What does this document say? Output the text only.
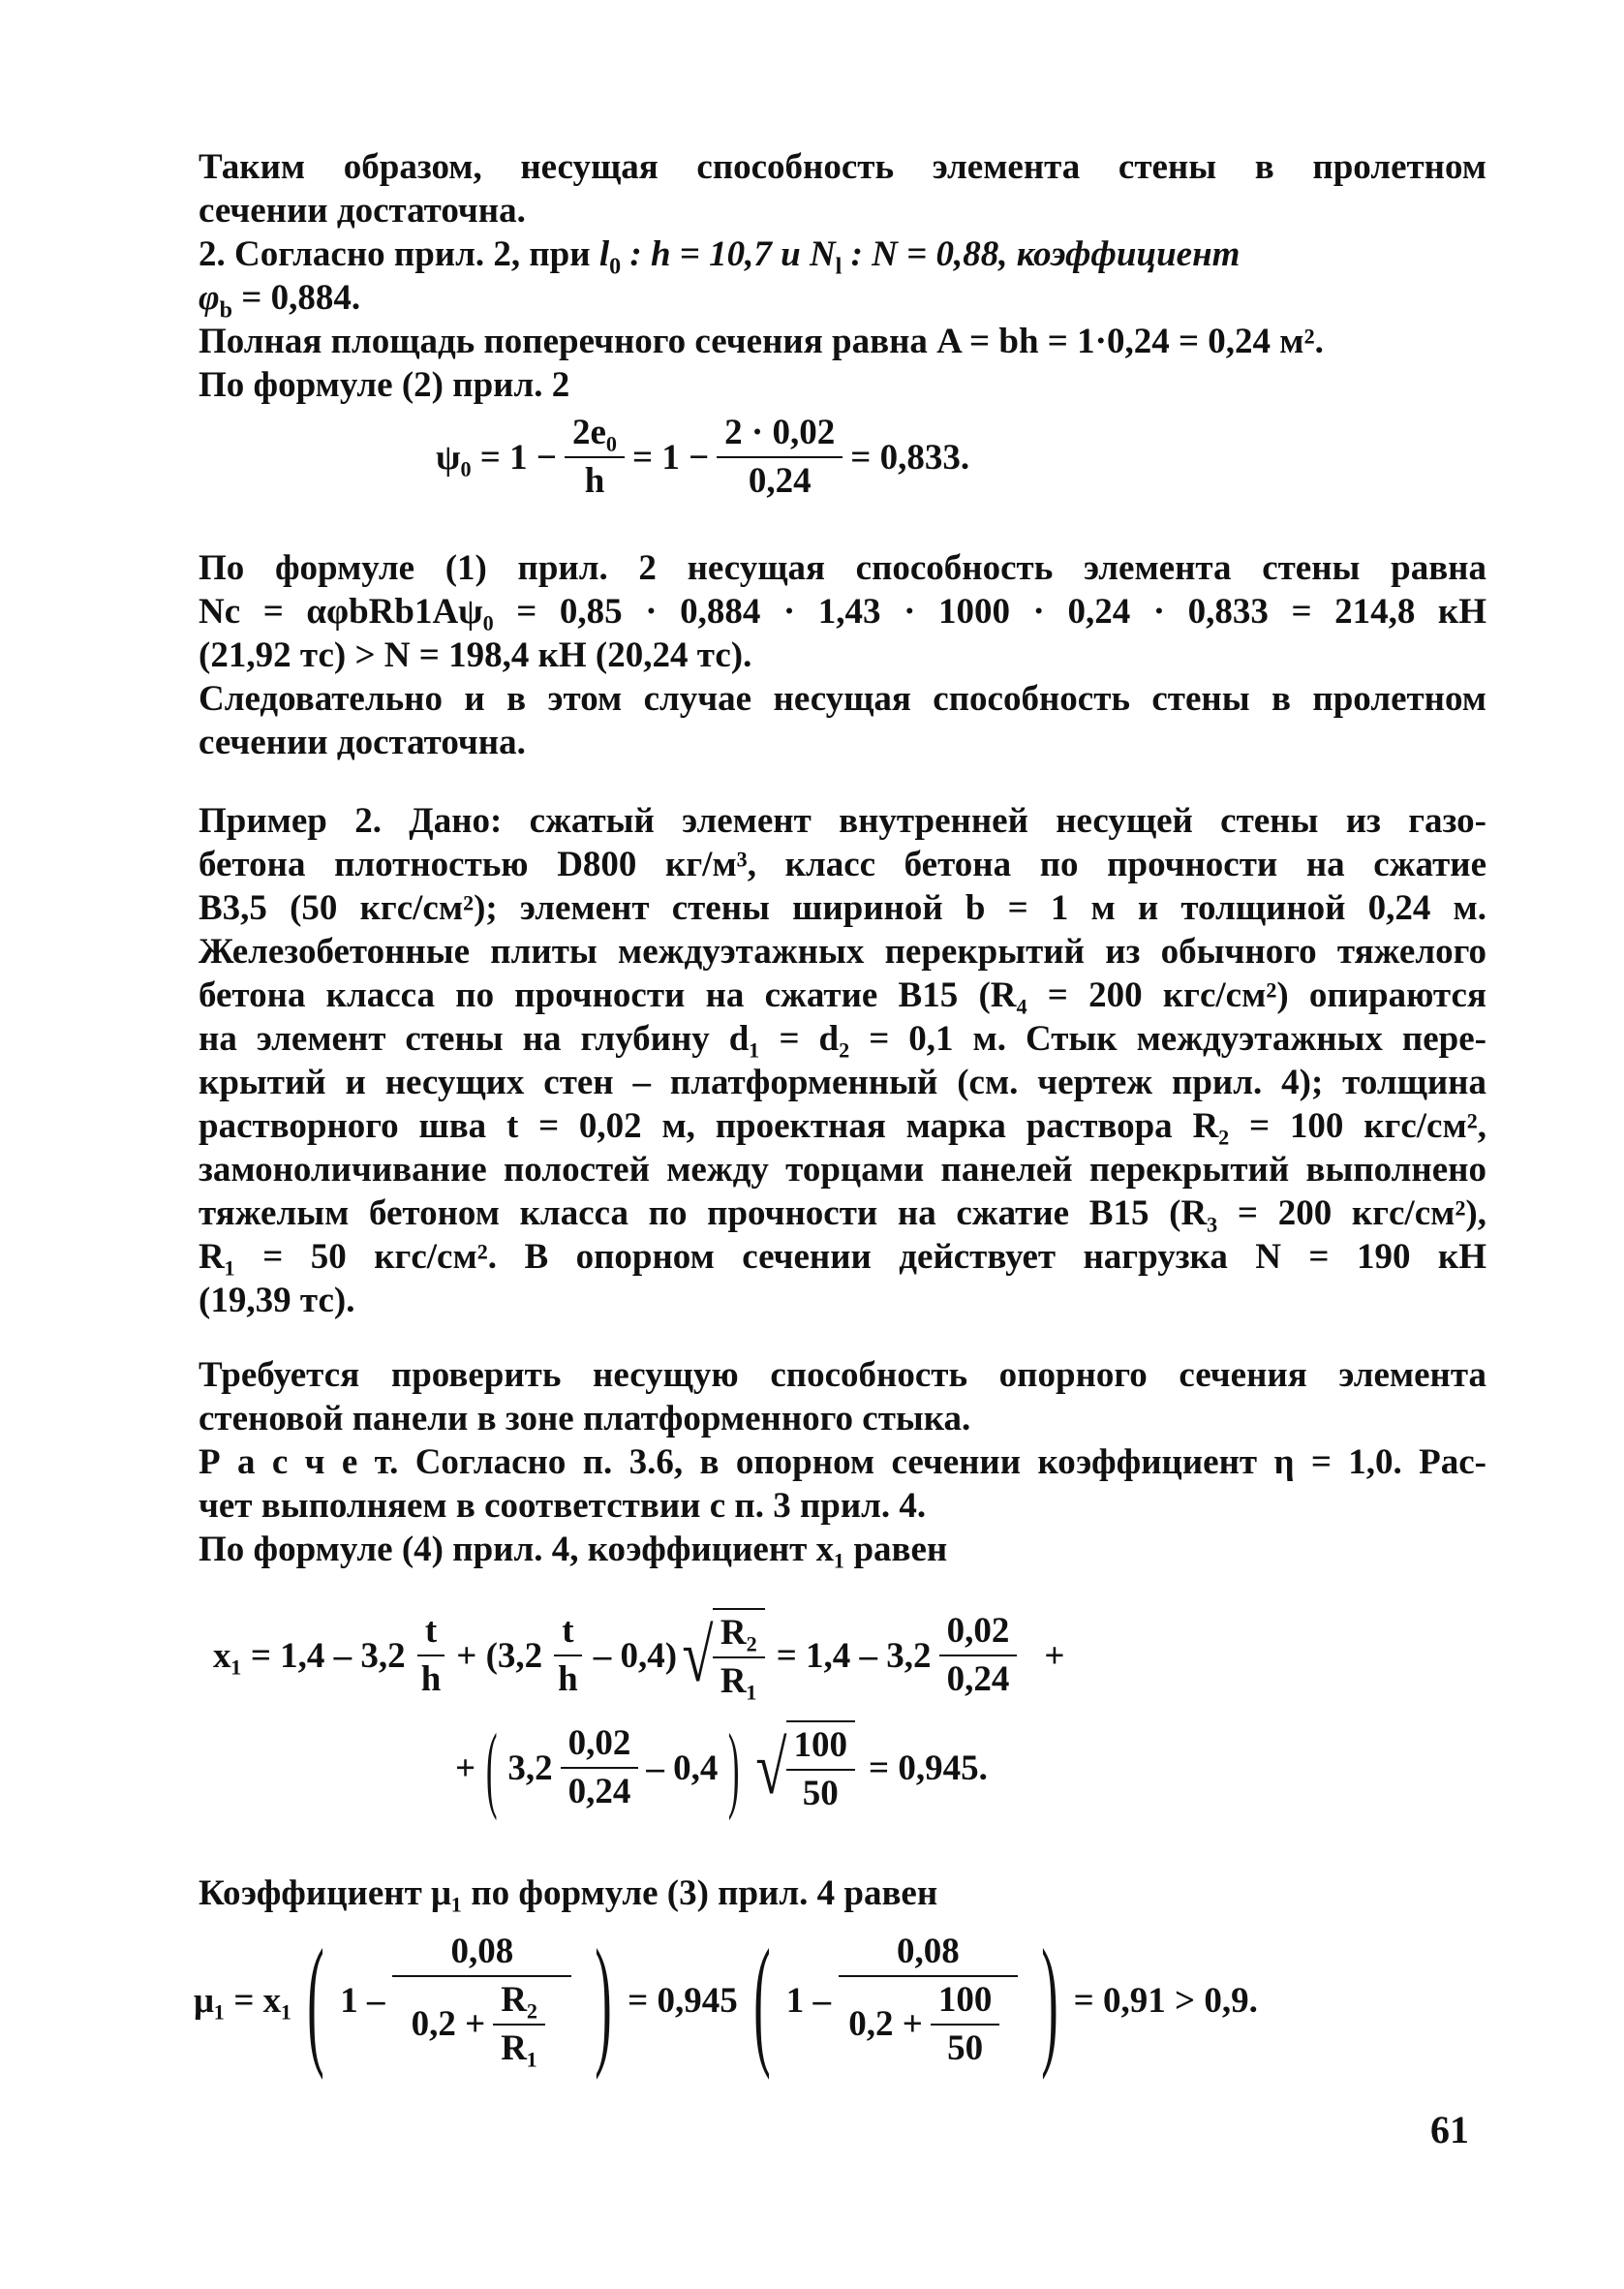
Таким образом, несущая способность элемента стены в пролетном
сечении достаточна.
2. Согласно прил. 2, при $l_0$ : h = 10,7 и $N_l$ : N = 0,88, коэффициент
$\varphi_b = 0,884$.
Полная площадь поперечного сечения равна A = bh = 1·0,24 = 0,24 м².
По формуле (2) прил. 2
$\psi_0 = 1 - \frac{\text{2e₀}}{h} = 1 - \frac{2 \cdot 0,02}{0,24} = 0,833$.
По формуле (1) прил. 2 несущая способность элемента стены равна
Nc = αφbRb1Aψ₀ = 0,85 · 0,884 · 1,43 · 1000 · 0,24 · 0,833 = 214,8 кН
(21,92 тс) > N = 198,4 кН (20,24 тс).
Следовательно и в этом случае несущая способность стены в пролетном
сечении достаточна.
Пример 2. Дано: сжатый элемент внутренней несущей стены из газо-
бетона плотностью D800 кг/м³, класс бетона по прочности на сжатие
B3,5 (50 кгс/см²); элемент стены шириной b = 1 м и толщиной 0,24 м.
Железобетонные плиты междуэтажных перекрытий из обычного тяжелого
бетона класса по прочности на сжатие B15 (R₄ = 200 кгс/см²) опираются
на элемент стены на глубину d₁ = d₂ = 0,1 м. Стык междуэтажных пере-
крытий и несущих стен – платформенный (см. чертеж прил. 4); толщина
растворного шва t = 0,02 м, проектная марка раствора R₂ = 100 кгс/см²,
замоноличивание полостей между торцами панелей перекрытий выполнено
тяжелым бетоном класса по прочности на сжатие B15 (R₃ = 200 кгс/см²),
R₁ = 50 кгс/см². В опорном сечении действует нагрузка N = 190 кН
(19,39 тс).
Требуется проверить несущую способность опорного сечения элемента
стеновой панели в зоне платформенного стыка.
Р а с ч е т. Согласно п. 3.6, в опорном сечении коэффициент η = 1,0. Рас-
чет выполняем в соответствии с п. 3 прил. 4.
По формуле (4) прил. 4, коэффициент x₁ равен
x₁ = 1,4 – 3,2
t
h
+ (3,2
t
h
– 0,4) √ R₂
R₁
= 1,4 – 3,2
0,02
0,24
+
+ ( 3,2
0,02
0,24
– 0,4 ) √ 100
50
= 0,945.
Коэффициент μ₁ по формуле (3) прил. 4 равен
μ₁ = x₁ ( 1 –
0,08
$0,2 + \frac{\text{R₂}}{\text{R₁}}$ ) = 0,945 ( 1 –
0,08
$0,2 + \frac{100}{50}$ ) = 0,91 > 0,9.
61
